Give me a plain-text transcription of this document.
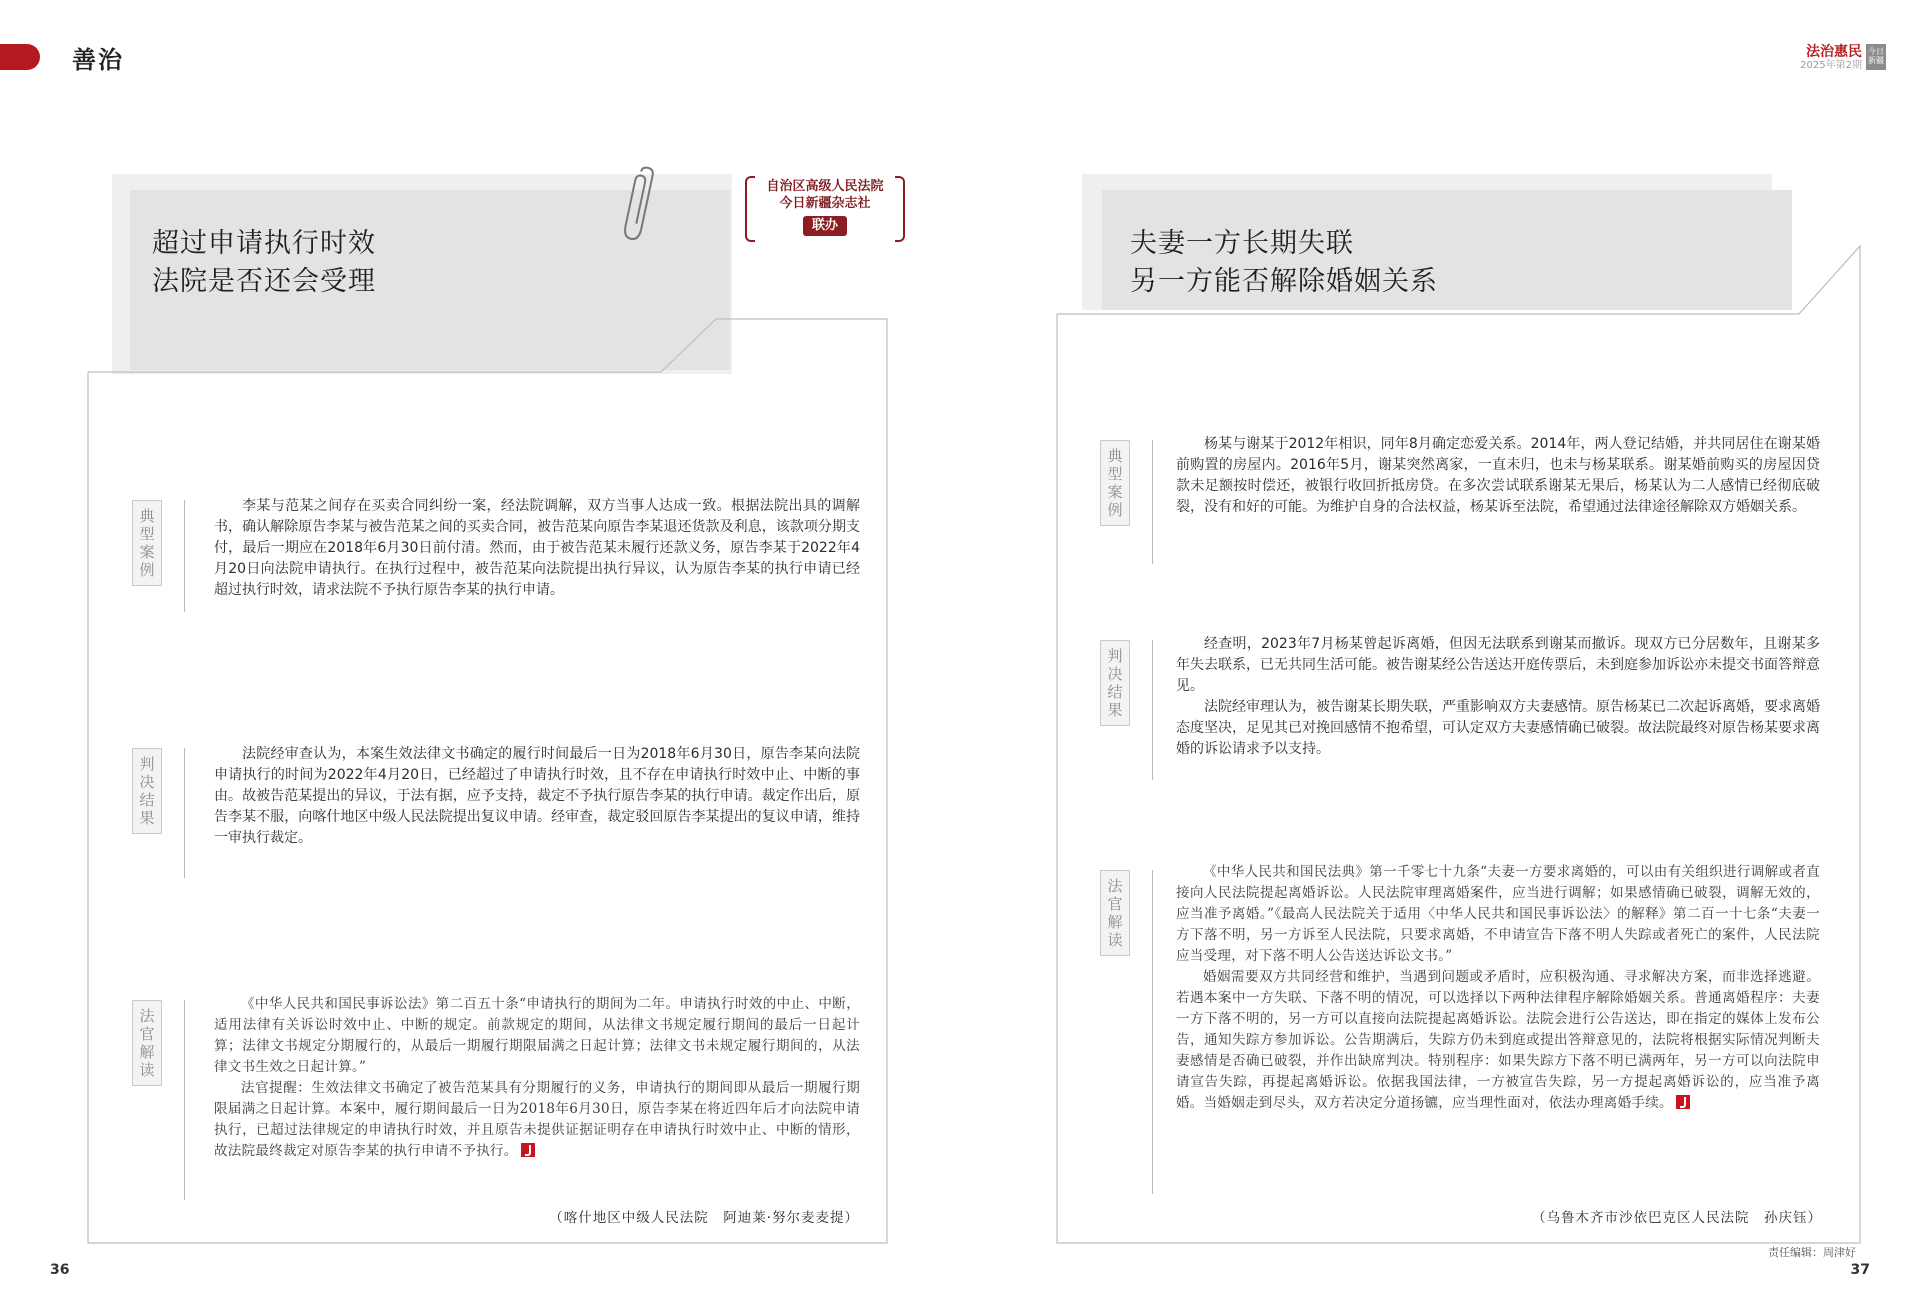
善治	法治惠民
2025年第2期
今日新疆
超过申请执行时效
法院是否还会受理
自治区高级人民法院
今日新疆杂志社
联办
典
型
案
例

李某与范某之间存在买卖合同纠纷一案，经法院调解，双方当事人达成一致。根据法院出具的调解书，确认解除原告李某与被告范某之间的买卖合同，被告范某向原告李某退还货款及利息，该款项分期支付，最后一期应在2018年6月30日前付清。然而，由于被告范某未履行还款义务，原告李某于2022年4月20日向法院申请执行。在执行过程中，被告范某向法院提出执行异议，认为原告李某的执行申请已经超过执行时效，请求法院不予执行原告李某的执行申请。

判
决
结
果

法院经审查认为，本案生效法律文书确定的履行时间最后一日为2018年6月30日，原告李某向法院申请执行的时间为2022年4月20日，已经超过了申请执行时效，且不存在申请执行时效中止、中断的事由。故被告范某提出的异议，于法有据，应予支持，裁定不予执行原告李某的执行申请。裁定作出后，原告李某不服，向喀什地区中级人民法院提出复议申请。经审查，裁定驳回原告李某提出的复议申请，维持一审执行裁定。

法
官
解
读

《中华人民共和国民事诉讼法》第二百五十条“申请执行的期间为二年。申请执行时效的中止、中断，适用法律有关诉讼时效中止、中断的规定。前款规定的期间，从法律文书规定履行期间的最后一日起计算；法律文书规定分期履行的，从最后一期履行期限届满之日起计算；法律文书未规定履行期间的，从法律文书生效之日起计算。”

法官提醒：生效法律文书确定了被告范某具有分期履行的义务，申请执行的期间即从最后一期履行期限届满之日起计算。本案中，履行期间最后一日为2018年6月30日，原告李某在将近四年后才向法院申请执行，已超过法律规定的申请执行时效，并且原告未提供证据证明存在申请执行时效中止、中断的情形，故法院最终裁定对原告李某的执行申请不予执行。

（喀什地区中级人民法院　阿迪莱·努尔麦麦提）
夫妻一方长期失联
另一方能否解除婚姻关系
典
型
案
例

杨某与谢某于2012年相识，同年8月确定恋爱关系。2014年，两人登记结婚，并共同居住在谢某婚前购置的房屋内。2016年5月，谢某突然离家，一直未归，也未与杨某联系。谢某婚前购买的房屋因贷款未足额按时偿还，被银行收回折抵房贷。在多次尝试联系谢某无果后，杨某认为二人感情已经彻底破裂，没有和好的可能。为维护自身的合法权益，杨某诉至法院，希望通过法律途径解除双方婚姻关系。

判
决
结
果

经查明，2023年7月杨某曾起诉离婚，但因无法联系到谢某而撤诉。现双方已分居数年，且谢某多年失去联系，已无共同生活可能。被告谢某经公告送达开庭传票后，未到庭参加诉讼亦未提交书面答辩意见。

法院经审理认为，被告谢某长期失联，严重影响双方夫妻感情。原告杨某已二次起诉离婚，要求离婚态度坚决，足见其已对挽回感情不抱希望，可认定双方夫妻感情确已破裂。故法院最终对原告杨某要求离婚的诉讼请求予以支持。

法
官
解
读

《中华人民共和国民法典》第一千零七十九条“夫妻一方要求离婚的，可以由有关组织进行调解或者直接向人民法院提起离婚诉讼。人民法院审理离婚案件，应当进行调解；如果感情确已破裂，调解无效的，应当准予离婚。”《最高人民法院关于适用〈中华人民共和国民事诉讼法〉的解释》第二百一十七条“夫妻一方下落不明，另一方诉至人民法院，只要求离婚，不申请宣告下落不明人失踪或者死亡的案件，人民法院应当受理，对下落不明人公告送达诉讼文书。”

婚姻需要双方共同经营和维护，当遇到问题或矛盾时，应积极沟通、寻求解决方案，而非选择逃避。若遇本案中一方失联、下落不明的情况，可以选择以下两种法律程序解除婚姻关系。普通离婚程序：夫妻一方下落不明的，另一方可以直接向法院提起离婚诉讼。法院会进行公告送达，即在指定的媒体上发布公告，通知失踪方参加诉讼。公告期满后，失踪方仍未到庭或提出答辩意见的，法院将根据实际情况判断夫妻感情是否确已破裂，并作出缺席判决。特别程序：如果失踪方下落不明已满两年，另一方可以向法院申请宣告失踪，再提起离婚诉讼。依据我国法律，一方被宣告失踪，另一方提起离婚诉讼的，应当准予离婚。当婚姻走到尽头，双方若决定分道扬镳，应当理性面对，依法办理离婚手续。

（乌鲁木齐市沙依巴克区人民法院　孙庆钰）
36
责任编辑：周津好
37
